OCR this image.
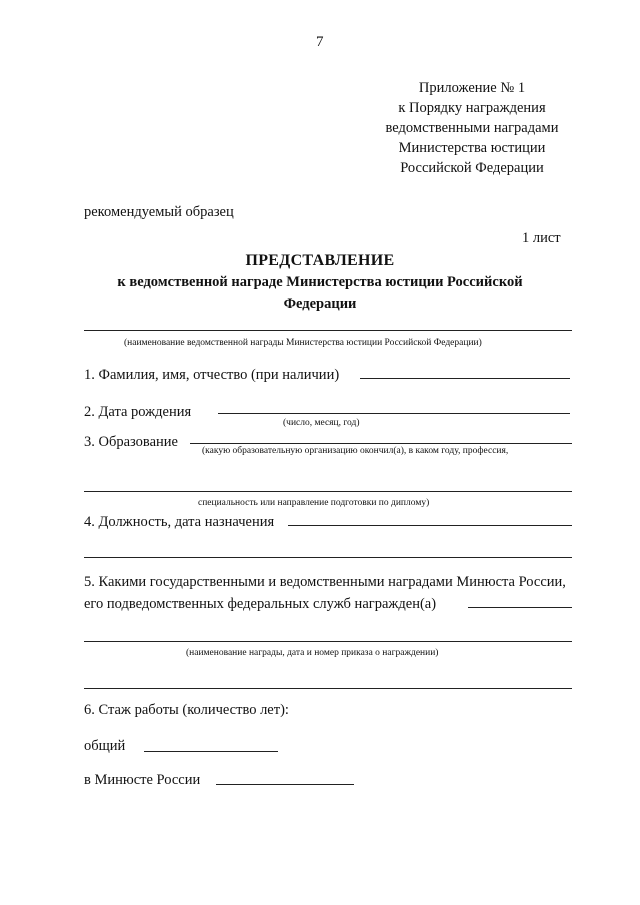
7
Приложение № 1
к Порядку награждения
ведомственными наградами
Министерства юстиции
Российской Федерации
рекомендуемый образец
1 лист
ПРЕДСТАВЛЕНИЕ
к ведомственной награде Министерства юстиции Российской
Федерации
(наименование ведомственной награды Министерства юстиции Российской Федерации)
1. Фамилия, имя, отчество (при наличии)
2. Дата рождения
(число, месяц, год)
3. Образование
(какую образовательную организацию окончил(а), в каком году, профессия,
специальность или направление подготовки по диплому)
4. Должность, дата назначения
5. Какими государственными и ведомственными наградами Минюста России,
его подведомственных федеральных служб награжден(а)
(наименование награды, дата и номер приказа о награждении)
6. Стаж работы (количество лет):
общий
в Минюсте России
